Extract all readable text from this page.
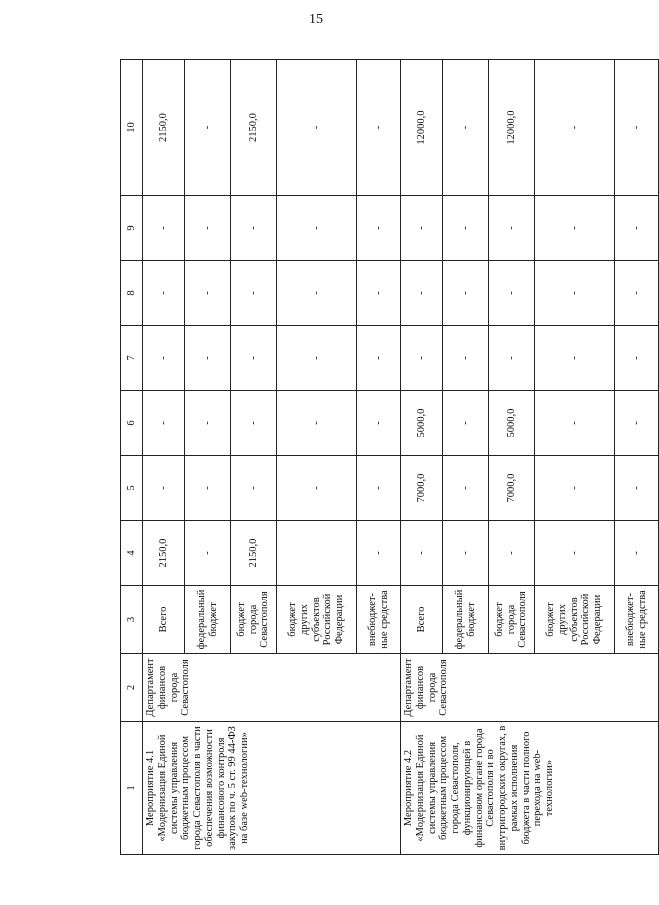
15
1	2	3	4	5	6	7	8	9	10
Мероприятие 4.1 «Модернизация Единой системы управления бюджетным процессом города Севастополя в части обеспечения возможности финансового контроля закупок по ч. 5 ст. 99 44-ФЗ на базе web-технологии»	Департамент финансов города Севастополя	Всего	2150,0	-	-	-	-	-	2150,0
		федеральный бюджет	-	-	-	-	-	-	-
		бюджет города Севастополя	2150,0	-	-	-	-	-	2150,0
		бюджет других субъектов Российской Федерации		-	-	-	-	-	-
		внебюджет-ные средства	-	-	-	-	-	-	-
Мероприятие 4.2 «Модернизация Единой системы управления бюджетным процессом города Севастополя, функционирующей в финансовом органе города Севастополя и во внутригородских округах, в рамках исполнения бюджета в части полного перехода на web-технологии»	Департамент финансов города Севастополя	Всего	-	7000,0	5000,0	-	-	-	12000,0
		федеральный бюджет	-	-	-	-	-	-	-
		бюджет города Севастополя	-	7000,0	5000,0	-	-	-	12000,0
		бюджет других субъектов Российской Федерации	-	-	-	-	-	-	-
		внебюджет-ные средства	-	-	-	-	-	-	-
